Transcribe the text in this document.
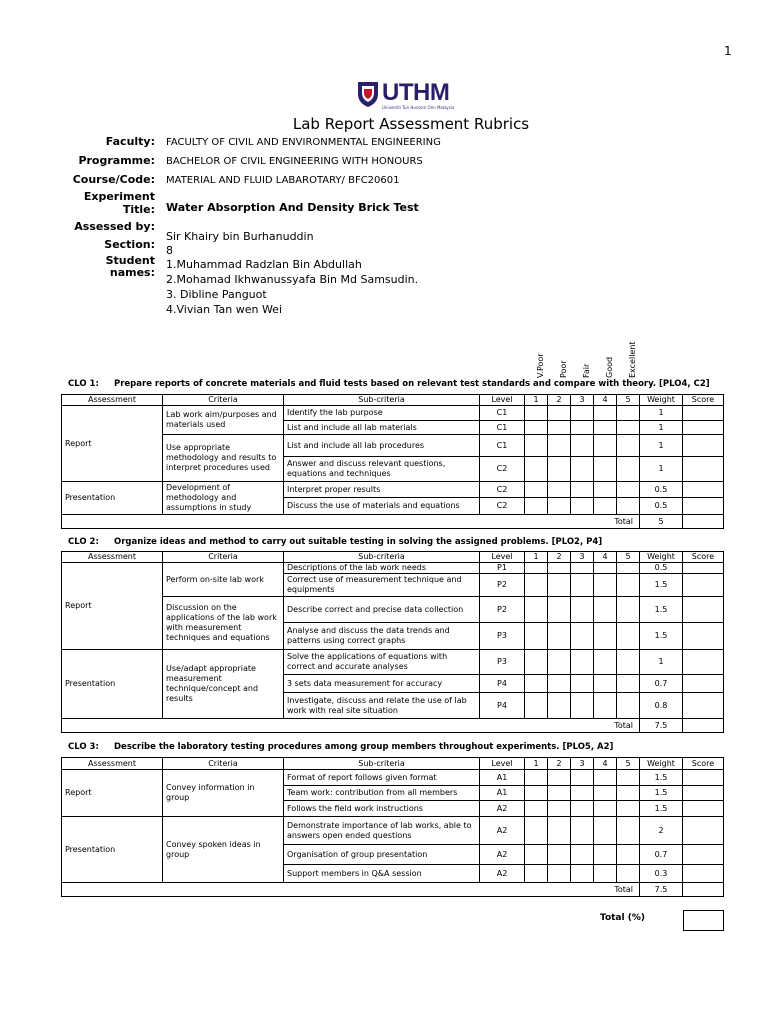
1
UTHM
Universiti Tun Hussein Onn Malaysia
Lab Report Assessment Rubrics
Faculty: FACULTY OF CIVIL AND ENVIRONMENTAL ENGINEERING
Programme: BACHELOR OF CIVIL ENGINEERING WITH HONOURS
Course/Code: MATERIAL AND FLUID LABAROTARY/ BFC20601
Experiment
Title: Water Absorption And Density Brick Test
Assessed by:
Sir Khairy bin Burhanuddin
Section: 8
Student
names:
1.Muhammad Radzlan Bin Abdullah
2.Mohamad Ikhwanussyafa Bin Md Samsudin.
3. Dibline Panguot
4.Vivian Tan wen Wei
V.Poor Poor Fair Good Excellent
CLO 1: Prepare reports of concrete materials and fluid tests based on relevant test standards and compare with theory. [PLO4, C2]
Assessment	Criteria	Sub-criteria	Level	1	2	3	4	5	Weight	Score
Report	Lab work aim/purposes and materials used	Identify the lab purpose	C1						1	
		List and include all lab materials	C1						1	
	Use appropriate methodology and results to interpret procedures used	List and include all lab procedures	C1						1	
		Answer and discuss relevant questions, equations and techniques	C2						1	
Presentation	Development of methodology and assumptions in study	Interpret proper results	C2						0.5	
		Discuss the use of materials and equations	C2						0.5	
Total									5	
CLO 2: Organize ideas and method to carry out suitable testing in solving the assigned problems. [PLO2, P4]
Assessment	Criteria	Sub-criteria	Level	1	2	3	4	5	Weight	Score
Report	Perform on-site lab work	Descriptions of the lab work needs	P1						0.5	
		Correct use of measurement technique and equipments	P2						1.5	
	Discussion on the applications of the lab work with measurement techniques and equations	Describe correct and precise data collection	P2						1.5	
		Analyse and discuss the data trends and patterns using correct graphs	P3						1.5	
Presentation	Use/adapt appropriate measurement technique/concept and results	Solve the applications of equations with correct and accurate analyses	P3						1	
		3 sets data measurement for accuracy	P4						0.7	
		Investigate, discuss and relate the use of lab work with real site situation	P4						0.8	
Total									7.5	
CLO 3: Describe the laboratory testing procedures among group members throughout experiments. [PLO5, A2]
Assessment	Criteria	Sub-criteria	Level	1	2	3	4	5	Weight	Score
Report	Convey information in group	Format of report follows given format	A1						1.5	
		Team work: contribution from all members	A1						1.5	
		Follows the field work instructions	A2						1.5	
Presentation	Convey spoken ideas in group	Demonstrate importance of lab works, able to answers open ended questions	A2						2	
		Organisation of group presentation	A2						0.7	
		Support members in Q&A session	A2						0.3	
Total									7.5	
Total (%)
